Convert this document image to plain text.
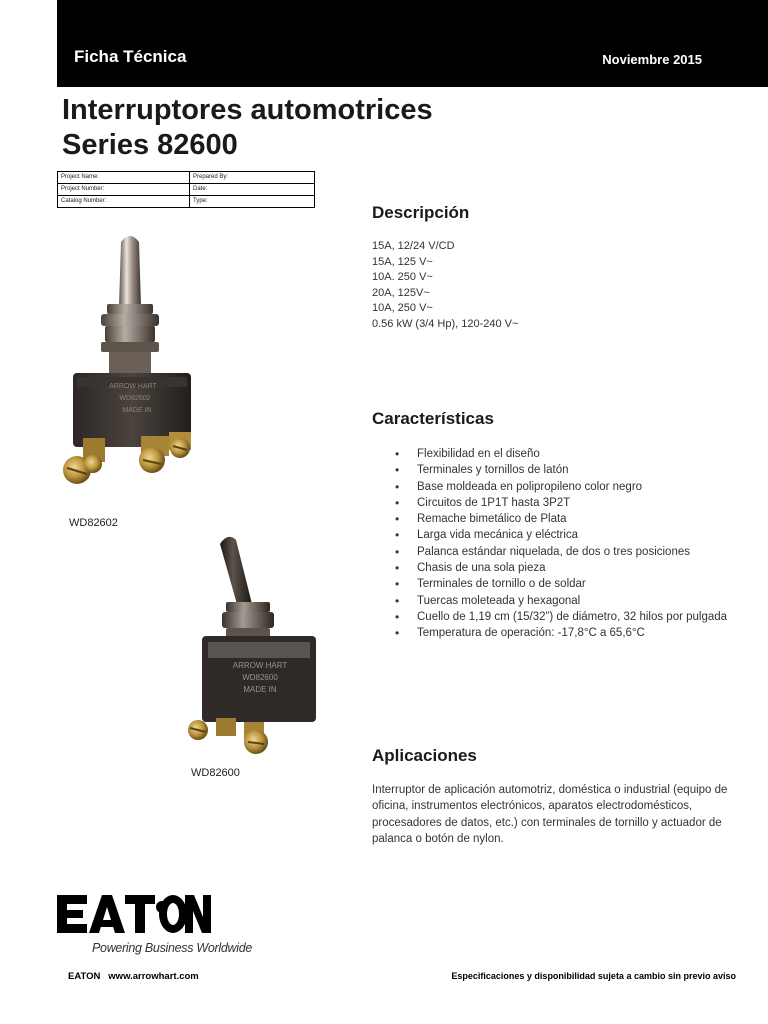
Ficha Técnica	Noviembre 2015
Interruptores automotrices
Series 82600
Project Name:	Prepared By:
Project Number:	Date:
Catalog Number:	Type:
ARROW HART
WD82602
MADE IN
WD82602
ARROW HART
WD82600
MADE IN
WD82600
Descripción
15A, 12/24 V/CD
15A, 125 V~
10A. 250 V~
20A, 125V~
10A, 250 V~
0.56 kW (3/4 Hp), 120-240 V~
Características
• Flexibilidad en el diseño
• Terminales y tornillos de latón
• Base moldeada en polipropileno color negro
• Circuitos de 1P1T hasta 3P2T
• Remache bimetálico de Plata
• Larga vida mecánica y eléctrica
• Palanca estándar niquelada, de dos o tres posiciones
• Chasis de una sola pieza
• Terminales de tornillo o de soldar
• Tuercas moleteada y hexagonal
• Cuello de 1,19 cm (15/32”) de diámetro, 32 hilos por pulgada
• Temperatura de operación: -17,8°C a 65,6°C
Aplicaciones
Interruptor de aplicación automotriz, doméstica o industrial (equipo de oficina, instrumentos electrónicos, aparatos electrodomésticos, procesadores de datos, etc.) con terminales de tornillo y actuador de palanca o botón de nylon.
Powering Business Worldwide
EATON www.arrowhart.com	Especificaciones y disponibilidad sujeta a cambio sin previo aviso
